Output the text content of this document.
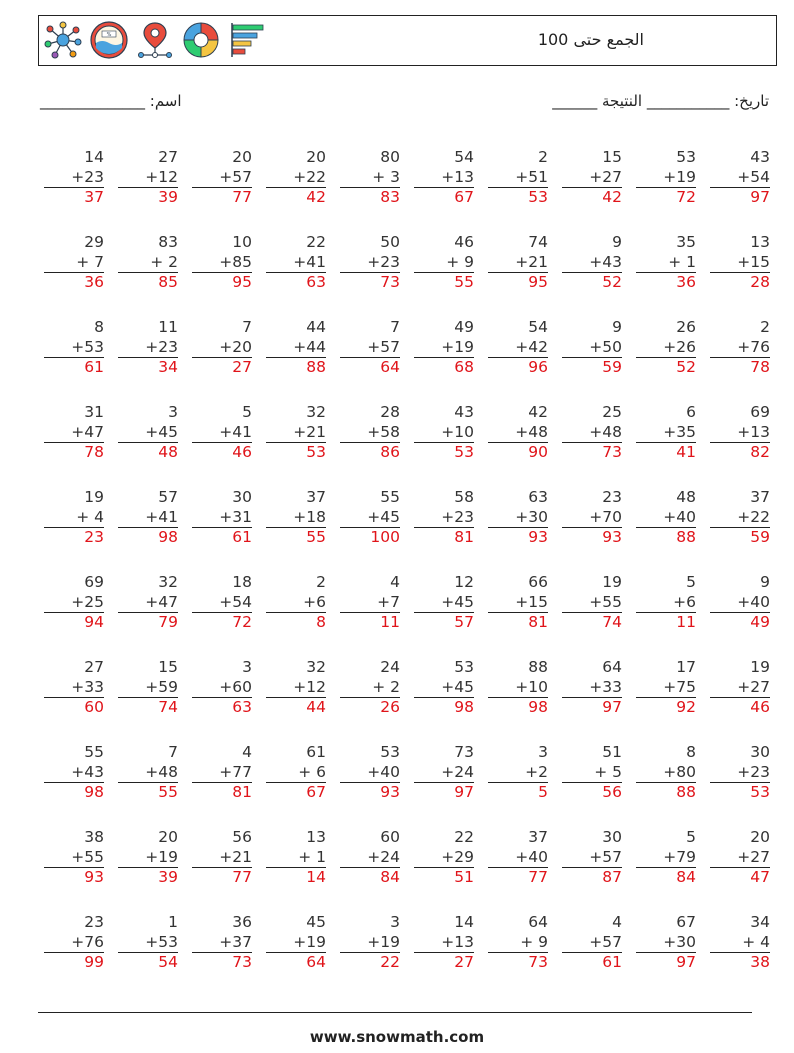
%	الجمع حتى 100
اسم: ______________	تاريخ: ___________ النتيجة ______
43
+54
97
53
+19
72
15
+27
42
2
+51
53
54
+13
67
80
+ 3
83
20
+22
42
20
+57
77
27
+12
39
14
+23
37
13
+15
28
35
+ 1
36
9
+43
52
74
+21
95
46
+ 9
55
50
+23
73
22
+41
63
10
+85
95
83
+ 2
85
29
+ 7
36
2
+76
78
26
+26
52
9
+50
59
54
+42
96
49
+19
68
7
+57
64
44
+44
88
7
+20
27
11
+23
34
8
+53
61
69
+13
82
6
+35
41
25
+48
73
42
+48
90
43
+10
53
28
+58
86
32
+21
53
5
+41
46
3
+45
48
31
+47
78
37
+22
59
48
+40
88
23
+70
93
63
+30
93
58
+23
81
55
+45
100
37
+18
55
30
+31
61
57
+41
98
19
+ 4
23
9
+40
49
5
+6
11
19
+55
74
66
+15
81
12
+45
57
4
+7
11
2
+6
8
18
+54
72
32
+47
79
69
+25
94
19
+27
46
17
+75
92
64
+33
97
88
+10
98
53
+45
98
24
+ 2
26
32
+12
44
3
+60
63
15
+59
74
27
+33
60
30
+23
53
8
+80
88
51
+ 5
56
3
+2
5
73
+24
97
53
+40
93
61
+ 6
67
4
+77
81
7
+48
55
55
+43
98
20
+27
47
5
+79
84
30
+57
87
37
+40
77
22
+29
51
60
+24
84
13
+ 1
14
56
+21
77
20
+19
39
38
+55
93
34
+ 4
38
67
+30
97
4
+57
61
64
+ 9
73
14
+13
27
3
+19
22
45
+19
64
36
+37
73
1
+53
54
23
+76
99
www.snowmath.com
